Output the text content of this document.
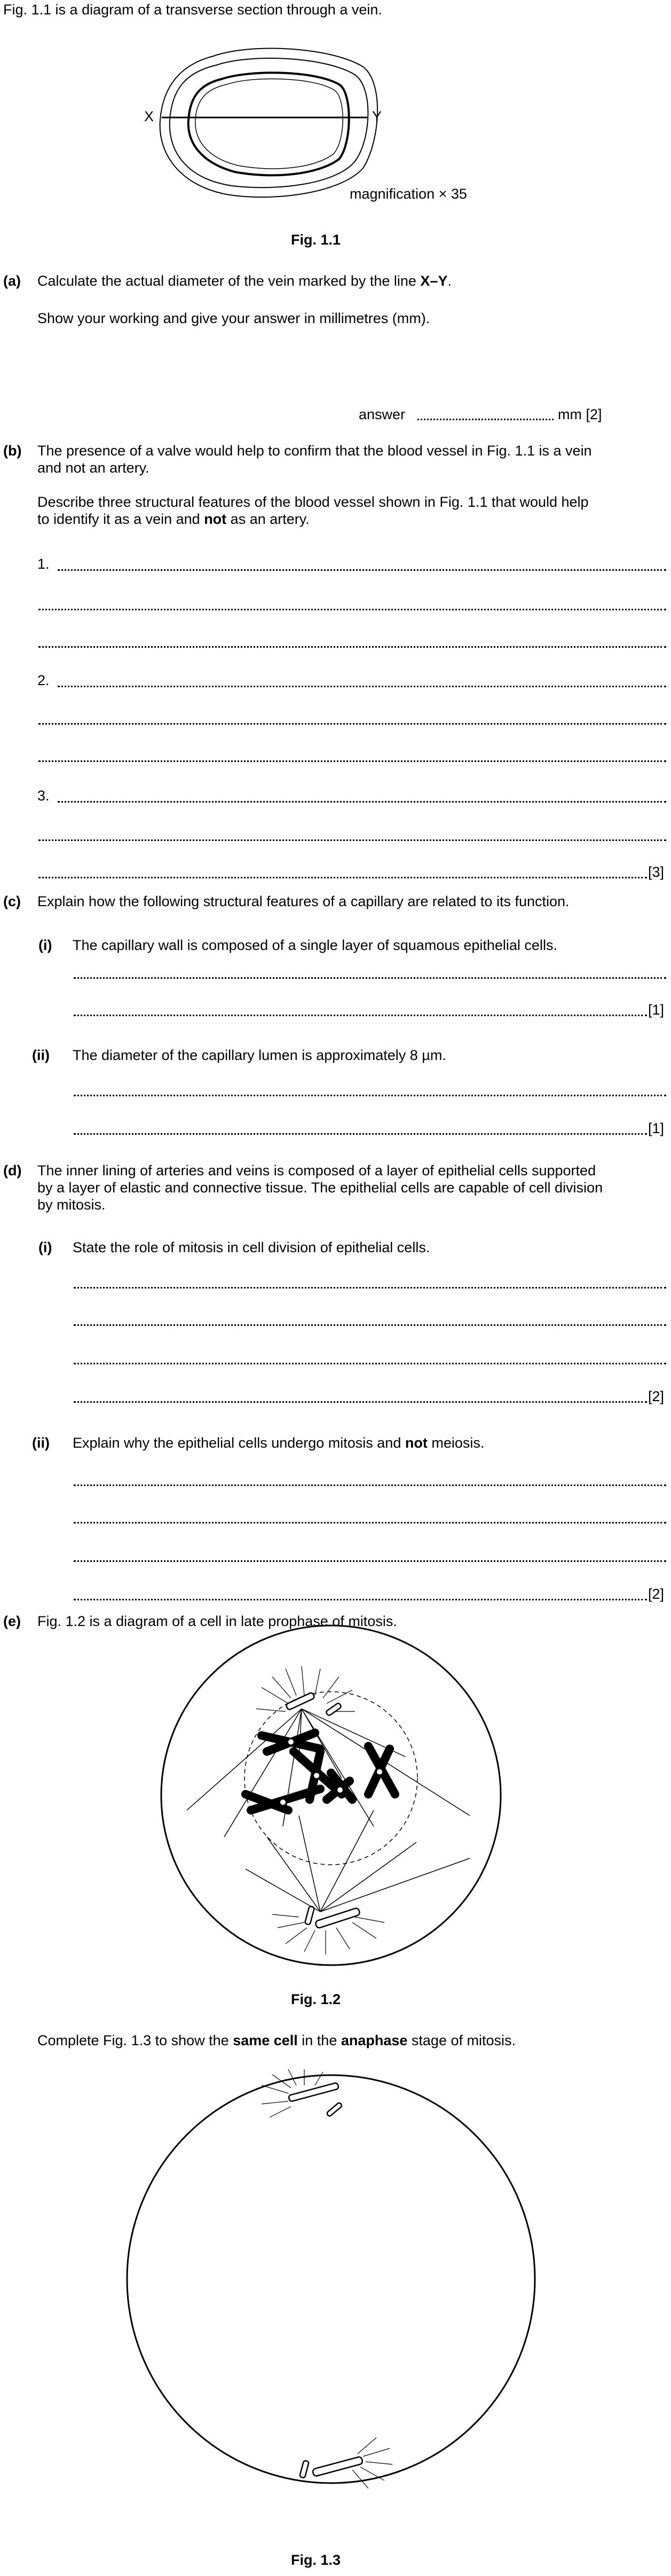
Fig. 1.1 is a diagram of a transverse section through a vein.
X	Y
magnification × 35
Fig. 1.1
(a) Calculate the actual diameter of the vein marked by the line X–Y.
Show your working and give your answer in millimetres (mm).
answer	mm [2]
(b) The presence of a valve would help to confirm that the blood vessel in Fig. 1.1 is a vein
and not an artery.
Describe three structural features of the blood vessel shown in Fig. 1.1 that would help
to identify it as a vein and not as an artery.
1.
2.
3.
[3]
(c) Explain how the following structural features of a capillary are related to its function.
(i) The capillary wall is composed of a single layer of squamous epithelial cells.
[1]
(ii) The diameter of the capillary lumen is approximately 8 µm.
[1]
(d) The inner lining of arteries and veins is composed of a layer of epithelial cells supported
by a layer of elastic and connective tissue. The epithelial cells are capable of cell division
by mitosis.
(i) State the role of mitosis in cell division of epithelial cells.
[2]
(ii) Explain why the epithelial cells undergo mitosis and not meiosis.
[2]
(e) Fig. 1.2 is a diagram of a cell in late prophase of mitosis.
Fig. 1.2
Complete Fig. 1.3 to show the same cell in the anaphase stage of mitosis.
Fig. 1.3
